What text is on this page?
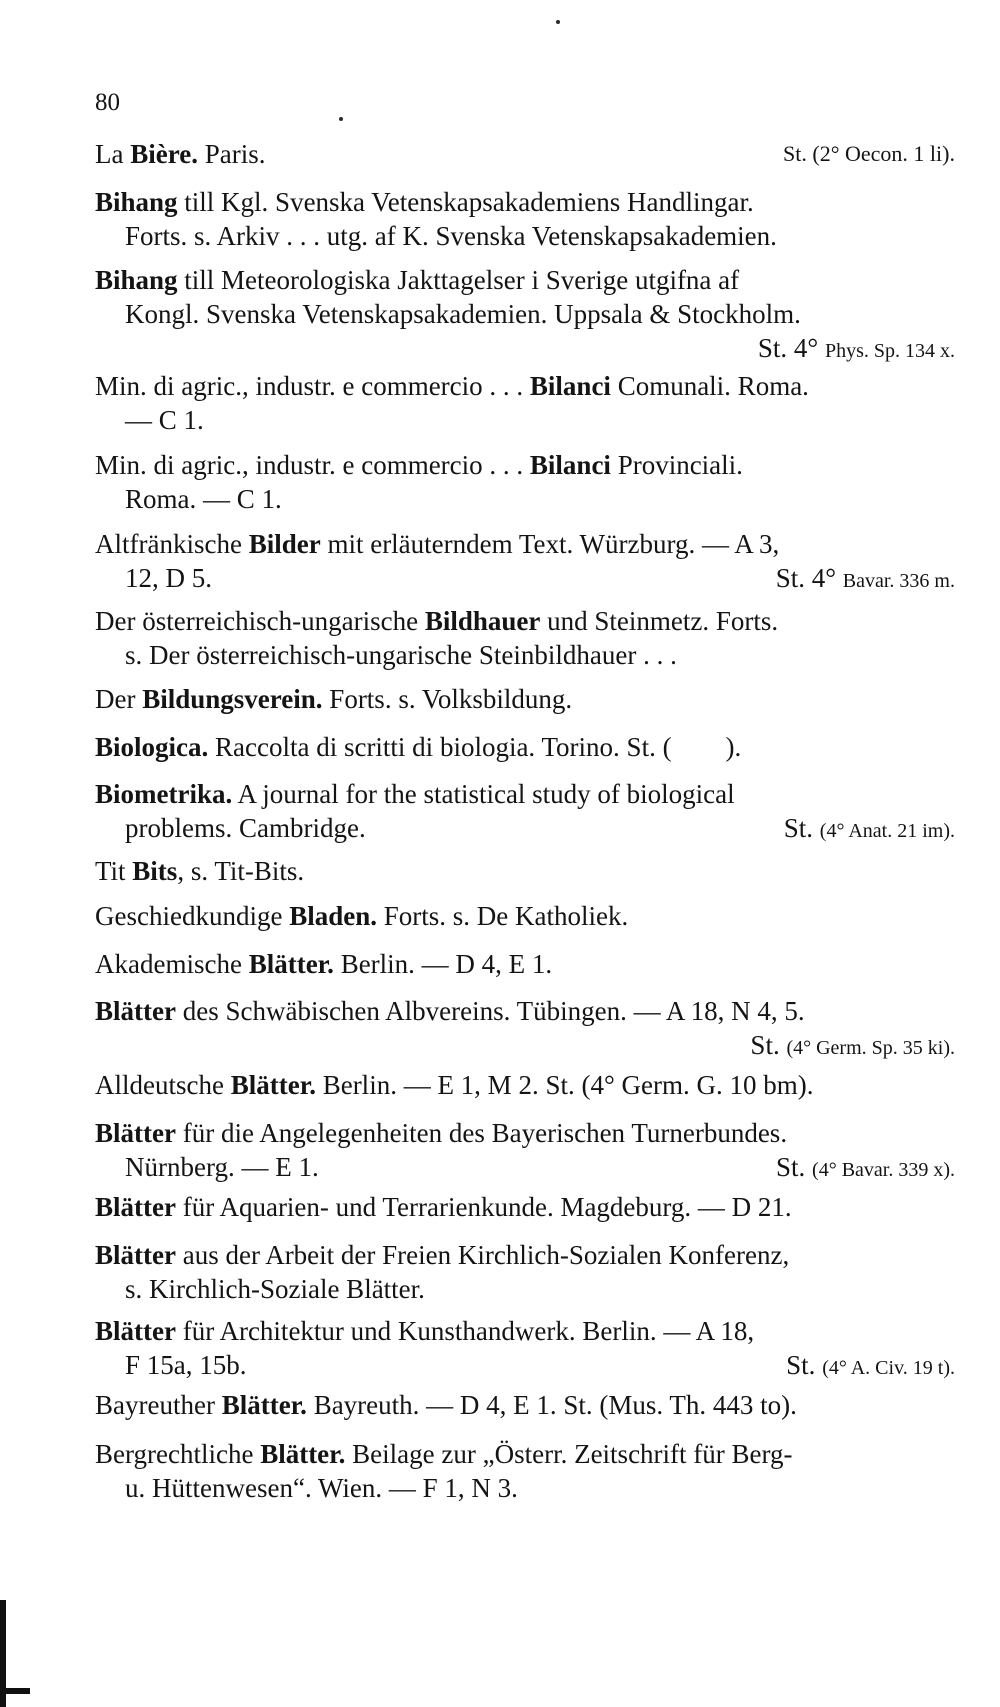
80
La Bière. Paris.	St. (2° Oecon. 1 li).
Bihang till Kgl. Svenska Vetenskapsakademiens Handlingar.
Forts. s. Arkiv . . . utg. af K. Svenska Vetenskapsakademien.
Bihang till Meteorologiska Jakttagelser i Sverige utgifna af
Kongl. Svenska Vetenskapsakademien. Uppsala & Stockholm.
St. 4° Phys. Sp. 134 x.
Min. di agric., industr. e commercio . . . Bilanci Comunali. Roma.
— C 1.
Min. di agric., industr. e commercio . . . Bilanci Provinciali.
Roma. — C 1.
Altfränkische Bilder mit erläuterndem Text. Würzburg. — A 3,
12, D 5.	St. 4° Bavar. 336 m.
Der österreichisch-ungarische Bildhauer und Steinmetz. Forts.
s. Der österreichisch-ungarische Steinbildhauer . . .
Der Bildungsverein. Forts. s. Volksbildung.
Biologica. Raccolta di scritti di biologia. Torino. St. (        ).
Biometrika. A journal for the statistical study of biological
problems. Cambridge.	St. (4° Anat. 21 im).
Tit Bits, s. Tit-Bits.
Geschiedkundige Bladen. Forts. s. De Katholiek.
Akademische Blätter. Berlin. — D 4, E 1.
Blätter des Schwäbischen Albvereins. Tübingen. — A 18, N 4, 5.
St. (4° Germ. Sp. 35 ki).
Alldeutsche Blätter. Berlin. — E 1, M 2. St. (4° Germ. G. 10 bm).
Blätter für die Angelegenheiten des Bayerischen Turnerbundes.
Nürnberg. — E 1.	St. (4° Bavar. 339 x).
Blätter für Aquarien- und Terrarienkunde. Magdeburg. — D 21.
Blätter aus der Arbeit der Freien Kirchlich-Sozialen Konferenz,
s. Kirchlich-Soziale Blätter.
Blätter für Architektur und Kunsthandwerk. Berlin. — A 18,
F 15a, 15b.	St. (4° A. Civ. 19 t).
Bayreuther Blätter. Bayreuth. — D 4, E 1. St. (Mus. Th. 443 to).
Bergrechtliche Blätter. Beilage zur „Österr. Zeitschrift für Berg-
u. Hüttenwesen“. Wien. — F 1, N 3.
